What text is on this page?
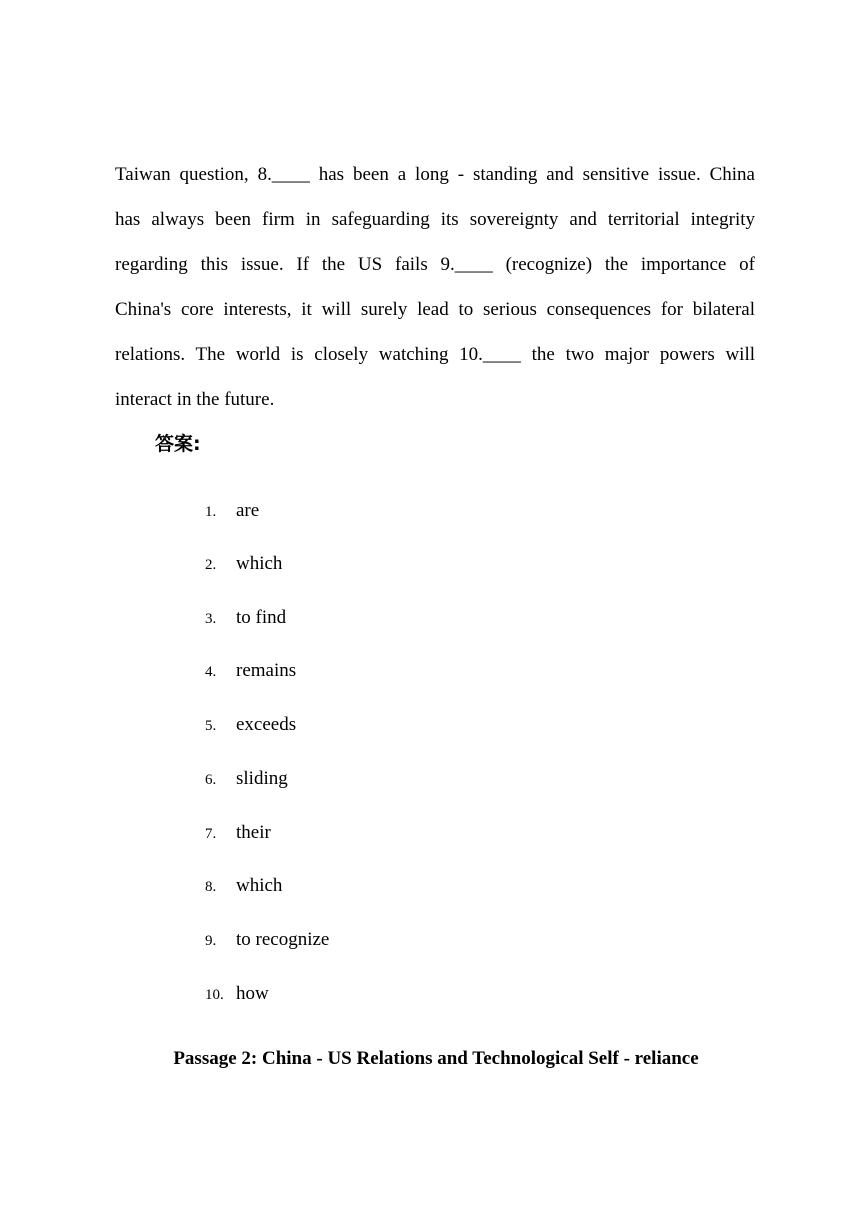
Taiwan question, 8.____ has been a long - standing and sensitive issue. China
has always been firm in safeguarding its sovereignty and territorial integrity
regarding this issue. If the US fails 9.____ (recognize) the importance of
China's core interests, it will surely lead to serious consequences for bilateral
relations. The world is closely watching 10.____ the two major powers will
interact in the future.
答案:
1.	are
2.	which
3.	to find
4.	remains
5.	exceeds
6.	sliding
7.	their
8.	which
9.	to recognize
10. how
Passage 2: China - US Relations and Technological Self - reliance
